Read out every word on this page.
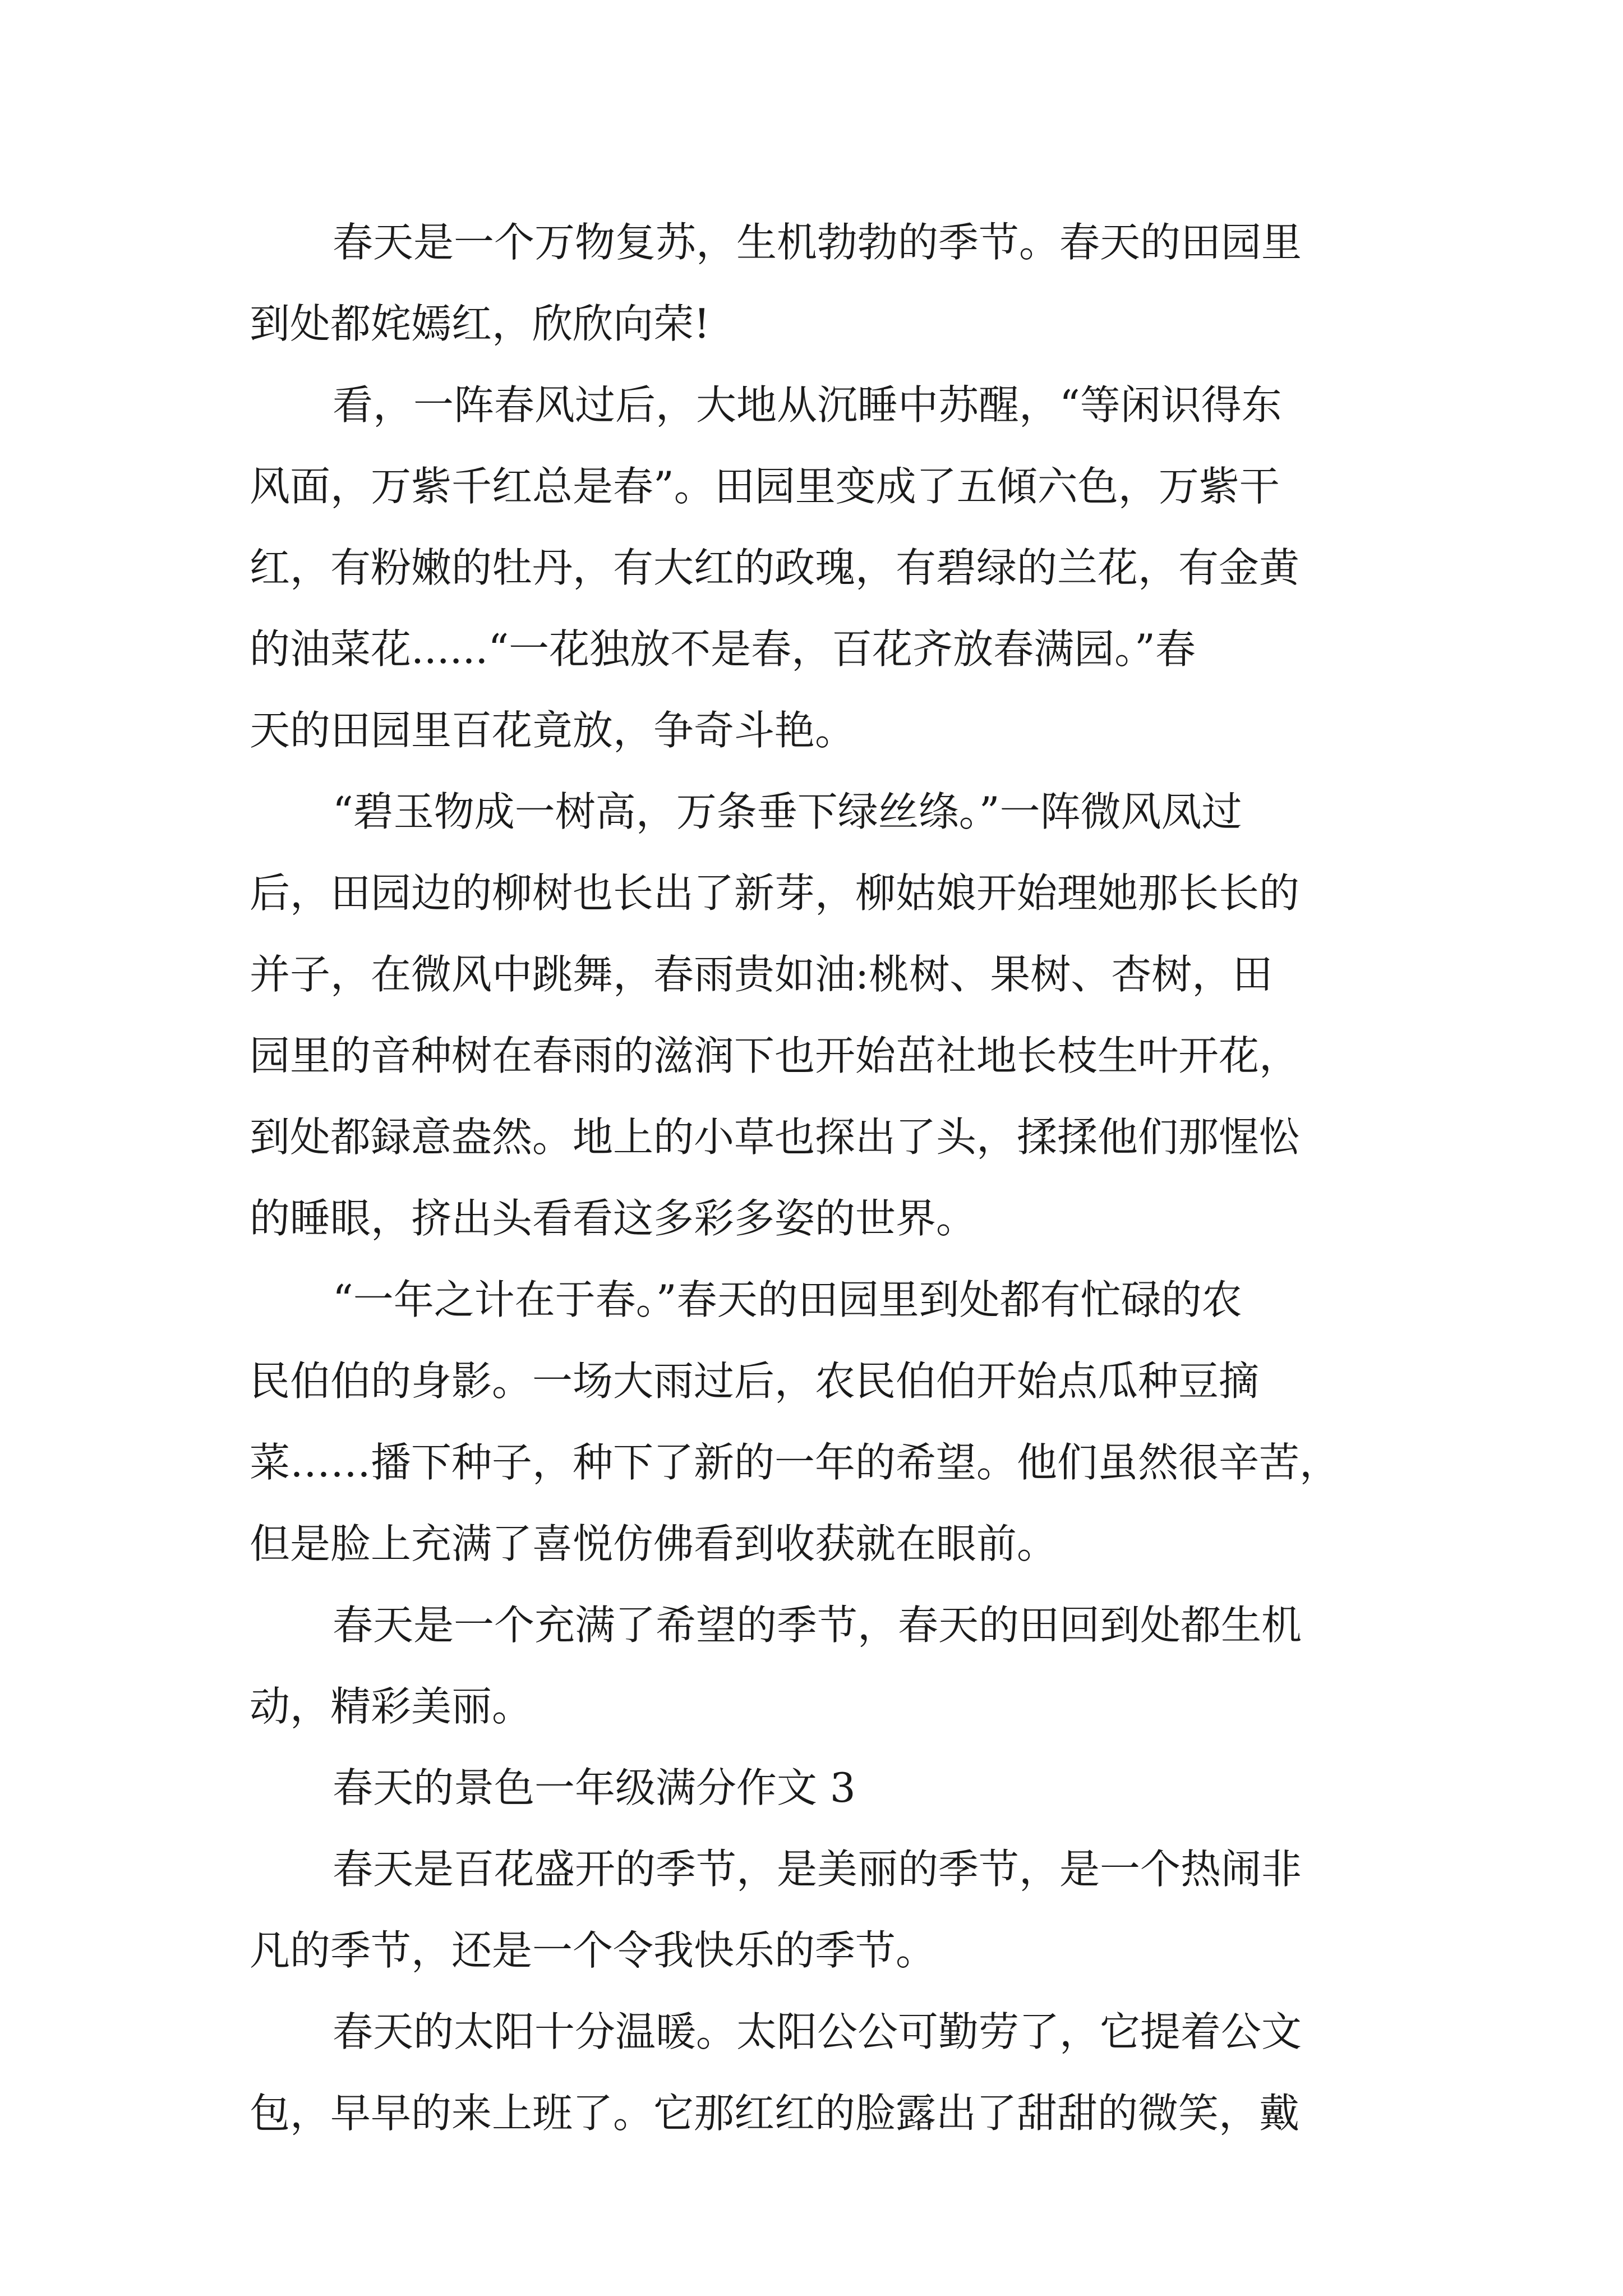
春天是一个万物复苏，生机勃勃的季节。春天的田园里
到处都姹嫣红，欣欣向荣!
看，一阵春风过后，大地从沉睡中苏醒，“等闲识得东
风面，万紫千红总是春”。田园里变成了五傾六色，万紫干
红，有粉嫩的牡丹，有大红的政瑰，有碧绿的兰花，有金黄
的油菜花......“一花独放不是春，百花齐放春满园。”春
天的田园里百花竟放，争奇斗艳。
“碧玉物成一树高，万条垂下绿丝绦。”一阵微风凤过
后，田园边的柳树也长出了新芽，柳姑娘开始理她那长长的
并子，在微风中跳舞，春雨贵如油:桃树、果树、杏树，田
园里的音种树在春雨的滋润下也开始茁社地长枝生叶开花，
到处都録意盎然。地上的小草也探出了头，揉揉他们那惺忪
的睡眼，挤出头看看这多彩多姿的世界。
“一年之计在于春。”春天的田园里到处都有忙碌的农
民伯伯的身影。一场大雨过后，农民伯伯开始点瓜种豆摘
菜……播下种子，种下了新的一年的希望。他们虽然很辛苦，
但是脸上充满了喜悦仿佛看到收获就在眼前。
春天是一个充满了希望的季节，春天的田回到处都生机
动，精彩美丽。
春天的景色一年级满分作文 3
春天是百花盛开的季节，是美丽的季节，是一个热闹非
凡的季节，还是一个令我快乐的季节。
春天的太阳十分温暖。太阳公公可勤劳了，它提着公文
包，早早的来上班了。它那红红的脸露出了甜甜的微笑，戴
